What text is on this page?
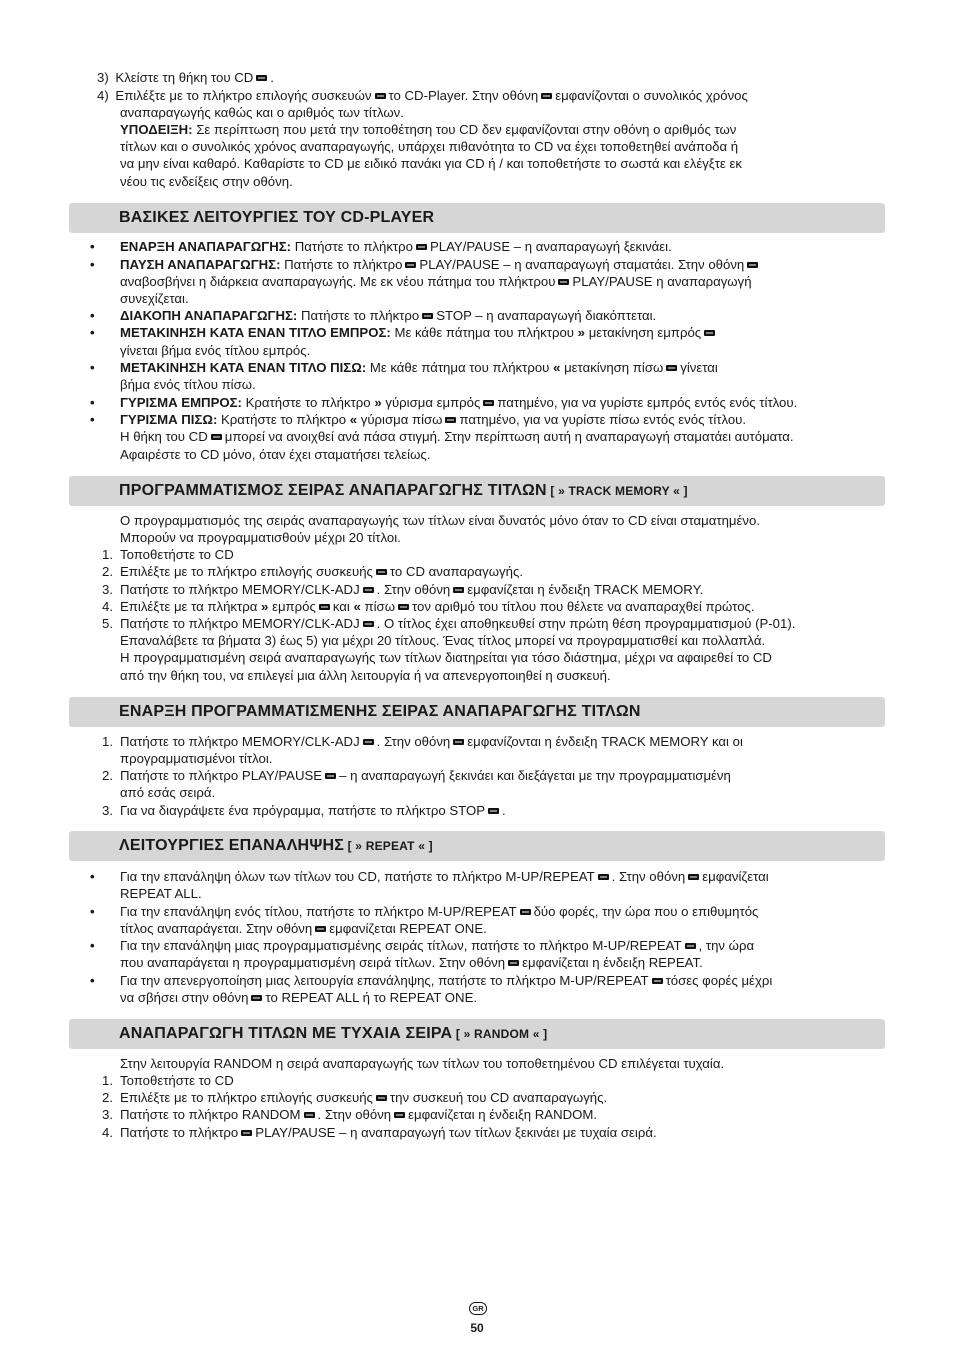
3) Κλείστε τη θήκη του CD .
4) Επιλέξτε με το πλήκτρο επιλογής συσκευών το CD-Player. Στην οθόνη εμφανίζονται ο συνολικός χρόνος
αναπαραγωγής καθώς και ο αριθμός των τίτλων.
ΥΠΟΔΕΙΞΗ: Σε περίπτωση που μετά την τοποθέτηση του CD δεν εμφανίζονται στην οθόνη ο αριθμός των
τίτλων και ο συνολικός χρόνος αναπαραγωγής, υπάρχει πιθανότητα το CD να έχει τοποθετηθεί ανάποδα ή
να μην είναι καθαρό. Καθαρίστε το CD με ειδικό πανάκι για CD ή / και τοποθετήστε το σωστά και ελέγξτε εκ
νέου τις ενδείξεις στην οθόνη.
ΒΑΣΙΚΕΣ ΛΕΙΤΟΥΡΓΙΕΣ ΤΟΥ CD-PLAYER
• ΕΝΑΡΞΗ ΑΝΑΠΑΡΑΓΩΓΗΣ: Πατήστε το πλήκτρο PLAY/PAUSE – η αναπαραγωγή ξεκινάει.
• ΠΑΥΣΗ ΑΝΑΠΑΡΑΓΩΓΗΣ: Πατήστε το πλήκτρο PLAY/PAUSE – η αναπαραγωγή σταματάει. Στην οθόνη
αναβοσβήνει η διάρκεια αναπαραγωγής. Με εκ νέου πάτημα του πλήκτρου PLAY/PAUSE η αναπαραγωγή
συνεχίζεται.
• ΔΙΑΚΟΠΗ ΑΝΑΠΑΡΑΓΩΓΗΣ: Πατήστε το πλήκτρο STOP – η αναπαραγωγή διακόπτεται.
• ΜΕΤΑΚΙΝΗΣΗ ΚΑΤΑ ΕΝΑΝ ΤΙΤΛΟ ΕΜΠΡΟΣ: Με κάθε πάτημα του πλήκτρου » μετακίνηση εμπρός
γίνεται βήμα ενός τίτλου εμπρός.
• ΜΕΤΑΚΙΝΗΣΗ ΚΑΤΑ ΕΝΑΝ ΤΙΤΛΟ ΠΙΣΩ: Με κάθε πάτημα του πλήκτρου « μετακίνηση πίσω γίνεται
βήμα ενός τίτλου πίσω.
• ΓΥΡΙΣΜΑ ΕΜΠΡΟΣ: Κρατήστε το πλήκτρο » γύρισμα εμπρός πατημένο, για να γυρίστε εμπρός εντός ενός τίτλου.
• ΓΥΡΙΣΜΑ ΠΙΣΩ: Κρατήστε το πλήκτρο « γύρισμα πίσω πατημένο, για να γυρίστε πίσω εντός ενός τίτλου.
Η θήκη του CD μπορεί να ανοιχθεί ανά πάσα στιγμή. Στην περίπτωση αυτή η αναπαραγωγή σταματάει αυτόματα.
Αφαιρέστε το CD μόνο, όταν έχει σταματήσει τελείως.
ΠΡΟΓΡΑΜΜΑΤΙΣΜΟΣ ΣΕΙΡΑΣ ΑΝΑΠΑΡΑΓΩΓΗΣ ΤΙΤΛΩΝ [ » TRACK MEMORY « ]
Ο προγραμματισμός της σειράς αναπαραγωγής των τίτλων είναι δυνατός μόνο όταν το CD είναι σταματημένο.
Μπορούν να προγραμματισθούν μέχρι 20 τίτλοι.
1. Τοποθετήστε το CD
2. Επιλέξτε με το πλήκτρο επιλογής συσκευής το CD αναπαραγωγής.
3. Πατήστε το πλήκτρο MEMORY/CLK-ADJ . Στην οθόνη εμφανίζεται η ένδειξη TRACK MEMORY.
4. Επιλέξτε με τα πλήκτρα » εμπρός και « πίσω τον αριθμό του τίτλου που θέλετε να αναπαραχθεί πρώτος.
5. Πατήστε το πλήκτρο MEMORY/CLK-ADJ . Ο τίτλος έχει αποθηκευθεί στην πρώτη θέση προγραμματισμού (P-01).
Επαναλάβετε τα βήματα 3) έως 5) για μέχρι 20 τίτλους. Ένας τίτλος μπορεί να προγραμματισθεί και πολλαπλά.
Η προγραμματισμένη σειρά αναπαραγωγής των τίτλων διατηρείται για τόσο διάστημα, μέχρι να αφαιρεθεί το CD
από την θήκη του, να επιλεγεί μια άλλη λειτουργία ή να απενεργοποιηθεί η συσκευή.
ΕΝΑΡΞΗ ΠΡΟΓΡΑΜΜΑΤΙΣΜΕΝΗΣ ΣΕΙΡΑΣ ΑΝΑΠΑΡΑΓΩΓΗΣ ΤΙΤΛΩΝ
1. Πατήστε το πλήκτρο MEMORY/CLK-ADJ . Στην οθόνη εμφανίζονται η ένδειξη TRACK MEMORY και οι
προγραμματισμένοι τίτλοι.
2. Πατήστε το πλήκτρο PLAY/PAUSE – η αναπαραγωγή ξεκινάει και διεξάγεται με την προγραμματισμένη
από εσάς σειρά.
3. Για να διαγράψετε ένα πρόγραμμα, πατήστε το πλήκτρο STOP .
ΛΕΙΤΟΥΡΓΙΕΣ ΕΠΑΝΑΛΗΨΗΣ [ » REPEAT « ]
• Για την επανάληψη όλων των τίτλων του CD, πατήστε το πλήκτρο M-UP/REPEAT . Στην οθόνη εμφανίζεται
REPEAT ALL.
• Για την επανάληψη ενός τίτλου, πατήστε το πλήκτρο M-UP/REPEAT δύο φορές, την ώρα που ο επιθυμητός
τίτλος αναπαράγεται. Στην οθόνη εμφανίζεται REPEAT ONE.
• Για την επανάληψη μιας προγραμματισμένης σειράς τίτλων, πατήστε το πλήκτρο M-UP/REPEAT , την ώρα
που αναπαράγεται η προγραμματισμένη σειρά τίτλων. Στην οθόνη εμφανίζεται η ένδειξη REPEAT.
• Για την απενεργοποίηση μιας λειτουργία επανάληψης, πατήστε το πλήκτρο M-UP/REPEAT τόσες φορές μέχρι
να σβήσει στην οθόνη το REPEAT ALL ή το REPEAT ONE.
ΑΝΑΠΑΡΑΓΩΓΗ ΤΙΤΛΩΝ ΜΕ ΤΥΧΑΙΑ ΣΕΙΡΑ [ » RANDOM « ]
Στην λειτουργία RANDOM η σειρά αναπαραγωγής των τίτλων του τοποθετημένου CD επιλέγεται τυχαία.
1. Τοποθετήστε το CD
2. Επιλέξτε με το πλήκτρο επιλογής συσκευής την συσκευή του CD αναπαραγωγής.
3. Πατήστε το πλήκτρο RANDOM . Στην οθόνη εμφανίζεται η ένδειξη RANDOM.
4. Πατήστε το πλήκτρο PLAY/PAUSE – η αναπαραγωγή των τίτλων ξεκινάει με τυχαία σειρά.
GR
50
